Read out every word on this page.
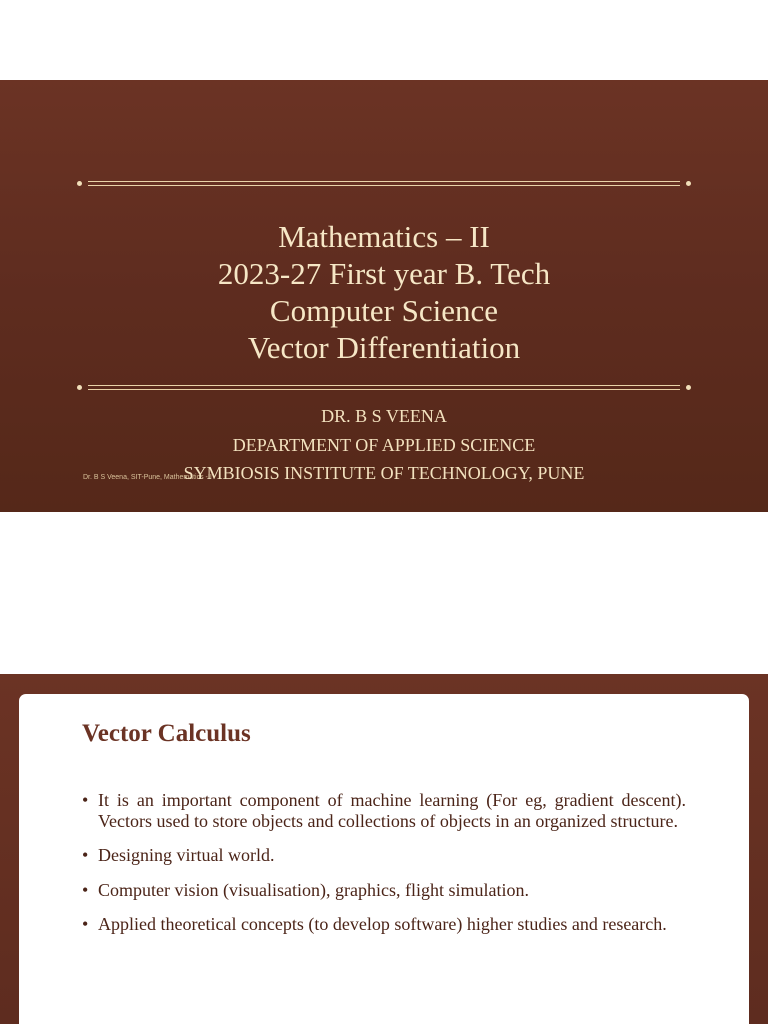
Mathematics – II
2023-27 First year B. Tech
Computer Science
Vector Differentiation
Dr. B S Veena, SIT-Pune, Mathematics -II
DR. B S VEENA
DEPARTMENT OF APPLIED SCIENCE
SYMBIOSIS INSTITUTE OF TECHNOLOGY, PUNE
Vector Calculus
• It is an important component of machine learning (For eg, gradient descent). Vectors used to store objects and collections of objects in an organized structure.
• Designing virtual world.
• Computer vision (visualisation), graphics, flight simulation.
• Applied theoretical concepts (to develop software) higher studies and research.
